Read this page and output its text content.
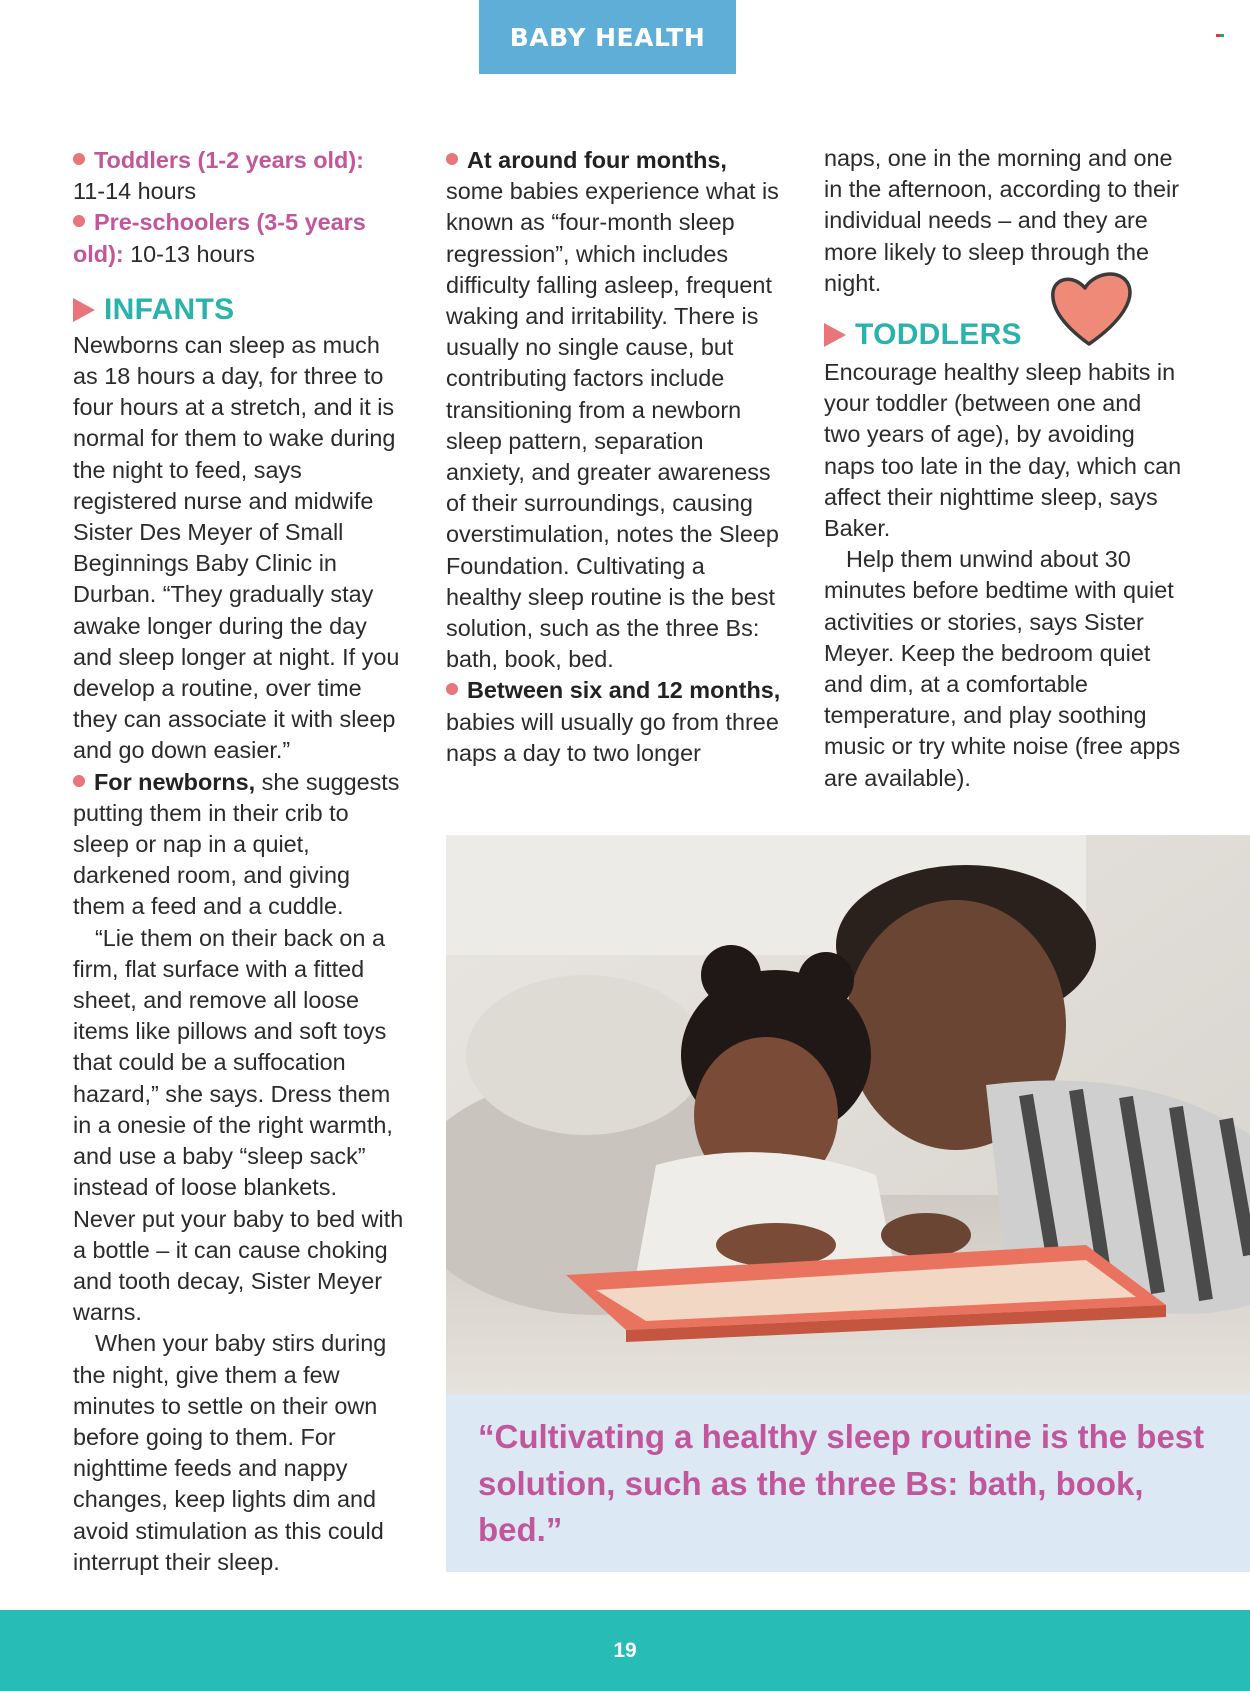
BABY HEALTH

Toddlers (1-2 years old):
11-14 hours

Pre-schoolers (3-5 years old): 10-13 hours

INFANTS

Newborns can sleep as much as 18 hours a day, for three to four hours at a stretch, and it is normal for them to wake during the night to feed, says registered nurse and midwife Sister Des Meyer of Small Beginnings Baby Clinic in Durban. “They gradually stay awake longer during the day and sleep longer at night. If you develop a routine, over time they can associate it with sleep and go down easier.”

For newborns, she suggests putting them in their crib to sleep or nap in a quiet, darkened room, and giving them a feed and a cuddle.

“Lie them on their back on a firm, flat surface with a fitted sheet, and remove all loose items like pillows and soft toys that could be a suffocation hazard,” she says. Dress them in a onesie of the right warmth, and use a baby “sleep sack” instead of loose blankets. Never put your baby to bed with a bottle – it can cause choking and tooth decay, Sister Meyer warns.

When your baby stirs during the night, give them a few minutes to settle on their own before going to them. For nighttime feeds and nappy changes, keep lights dim and avoid stimulation as this could interrupt their sleep.

At around four months, some babies experience what is known as “four-month sleep regression”, which includes difficulty falling asleep, frequent waking and irritability. There is usually no single cause, but contributing factors include transitioning from a newborn sleep pattern, separation anxiety, and greater awareness of their surroundings, causing overstimulation, notes the Sleep Foundation. Cultivating a healthy sleep routine is the best solution, such as the three Bs: bath, book, bed.

Between six and 12 months, babies will usually go from three naps a day to two longer

naps, one in the morning and one in the afternoon, according to their individual needs – and they are more likely to sleep through the night.

TODDLERS

Encourage healthy sleep habits in your toddler (between one and two years of age), by avoiding naps too late in the day, which can affect their nighttime sleep, says Baker.

Help them unwind about 30 minutes before bedtime with quiet activities or stories, says Sister Meyer. Keep the bedroom quiet and dim, at a comfortable temperature, and play soothing music or try white noise (free apps are available).

“Cultivating a healthy sleep routine is the best solution, such as the three Bs: bath, book, bed.”
19
